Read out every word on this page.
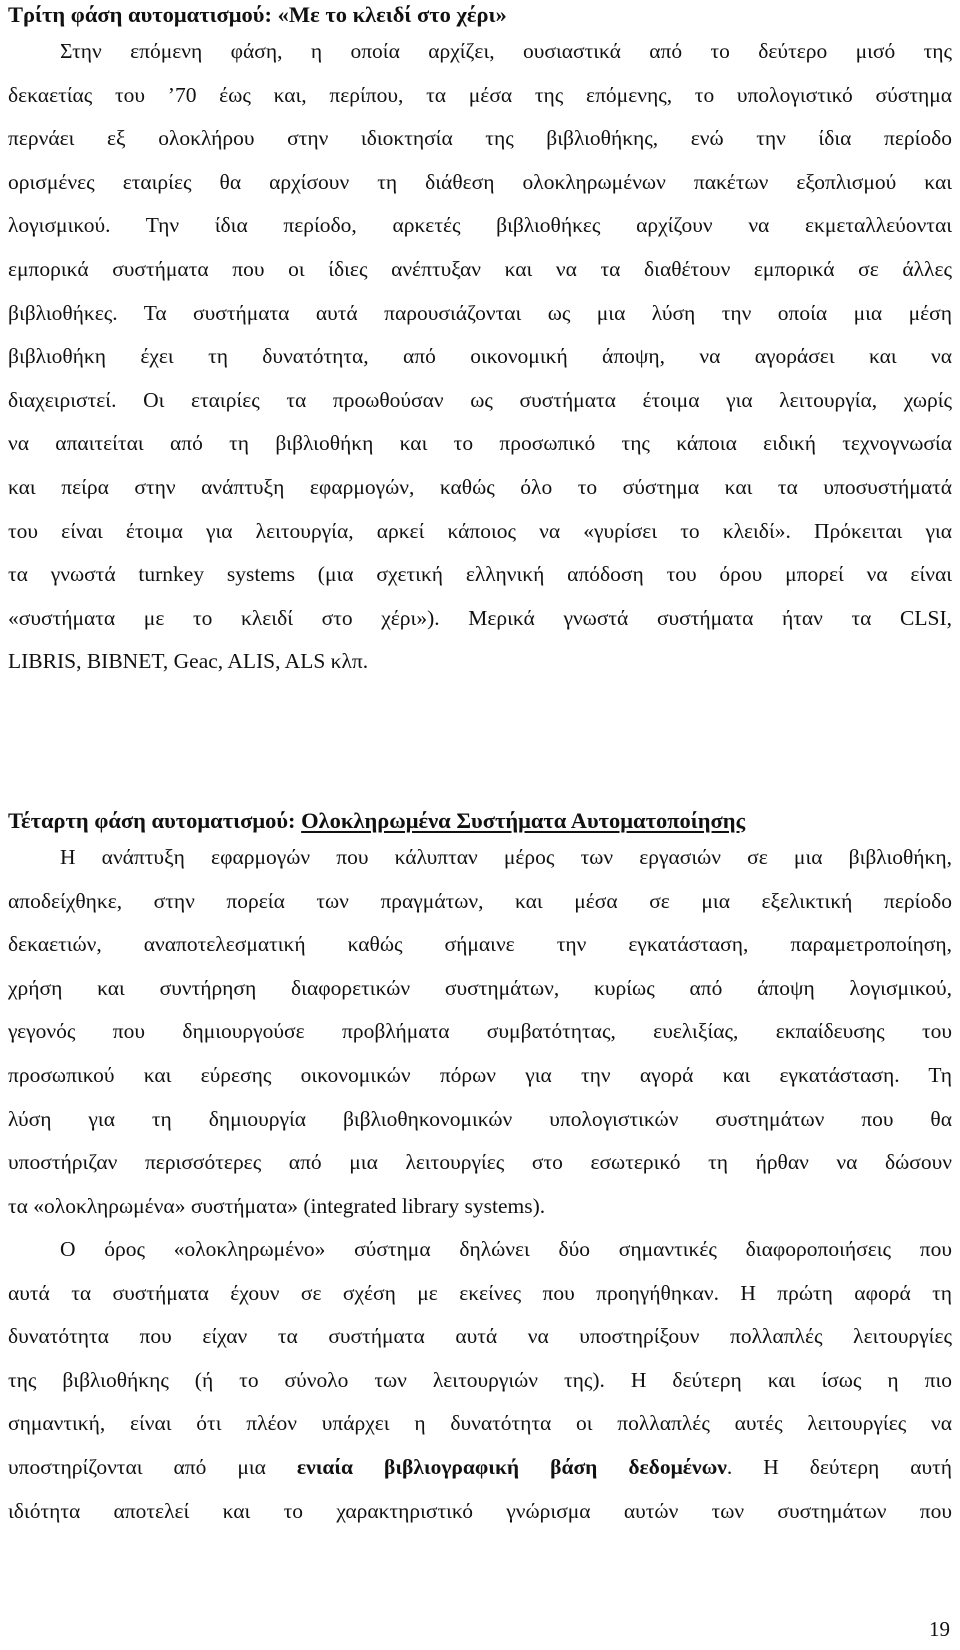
Τρίτη φάση αυτοματισμού: «Με το κλειδί στο χέρι»
Στην επόμενη φάση, η οποία αρχίζει, ουσιαστικά από το δεύτερο μισό της
δεκαετίας του ’70 έως και, περίπου, τα μέσα της επόμενης, το υπολογιστικό σύστημα
περνάει εξ ολοκλήρου στην ιδιοκτησία της βιβλιοθήκης, ενώ την ίδια περίοδο
ορισμένες εταιρίες θα αρχίσουν τη διάθεση ολοκληρωμένων πακέτων εξοπλισμού και
λογισμικού. Την ίδια περίοδο, αρκετές βιβλιοθήκες αρχίζουν να εκμεταλλεύονται
εμπορικά συστήματα που οι ίδιες ανέπτυξαν και να τα διαθέτουν εμπορικά σε άλλες
βιβλιοθήκες. Τα συστήματα αυτά παρουσιάζονται ως μια λύση την οποία μια μέση
βιβλιοθήκη έχει τη δυνατότητα, από οικονομική άποψη, να αγοράσει και να
διαχειριστεί. Οι εταιρίες τα προωθούσαν ως συστήματα έτοιμα για λειτουργία, χωρίς
να απαιτείται από τη βιβλιοθήκη και το προσωπικό της κάποια ειδική τεχνογνωσία
και πείρα στην ανάπτυξη εφαρμογών, καθώς όλο το σύστημα και τα υποσυστήματά
του είναι έτοιμα για λειτουργία, αρκεί κάποιος να «γυρίσει το κλειδί». Πρόκειται για
τα γνωστά turnkey systems (μια σχετική ελληνική απόδοση του όρου μπορεί να είναι
«συστήματα με το κλειδί στο χέρι»). Μερικά γνωστά συστήματα ήταν τα CLSI,
LIBRIS, BIBNET, Geac, ALIS, ALS κλπ.
Τέταρτη φάση αυτοματισμού: Ολοκληρωμένα Συστήματα Αυτοματοποίησης
Η ανάπτυξη εφαρμογών που κάλυπταν μέρος των εργασιών σε μια βιβλιοθήκη,
αποδείχθηκε, στην πορεία των πραγμάτων, και μέσα σε μια εξελικτική περίοδο
δεκαετιών, αναποτελεσματική καθώς σήμαινε την εγκατάσταση, παραμετροποίηση,
χρήση και συντήρηση διαφορετικών συστημάτων, κυρίως από άποψη λογισμικού,
γεγονός που δημιουργούσε προβλήματα συμβατότητας, ευελιξίας, εκπαίδευσης του
προσωπικού και εύρεσης οικονομικών πόρων για την αγορά και εγκατάσταση. Τη
λύση για τη δημιουργία βιβλιοθηκονομικών υπολογιστικών συστημάτων που θα
υποστήριζαν περισσότερες από μια λειτουργίες στο εσωτερικό τη ήρθαν να δώσουν
τα «ολοκληρωμένα» συστήματα» (integrated library systems).
Ο όρος «ολοκληρωμένο» σύστημα δηλώνει δύο σημαντικές διαφοροποιήσεις που
αυτά τα συστήματα έχουν σε σχέση με εκείνες που προηγήθηκαν. Η πρώτη αφορά τη
δυνατότητα που είχαν τα συστήματα αυτά να υποστηρίξουν πολλαπλές λειτουργίες
της βιβλιοθήκης (ή το σύνολο των λειτουργιών της). Η δεύτερη και ίσως η πιο
σημαντική, είναι ότι πλέον υπάρχει η δυνατότητα οι πολλαπλές αυτές λειτουργίες να
υποστηρίζονται από μια ενιαία βιβλιογραφική βάση δεδομένων. Η δεύτερη αυτή
ιδιότητα αποτελεί και το χαρακτηριστικό γνώρισμα αυτών των συστημάτων που
19
